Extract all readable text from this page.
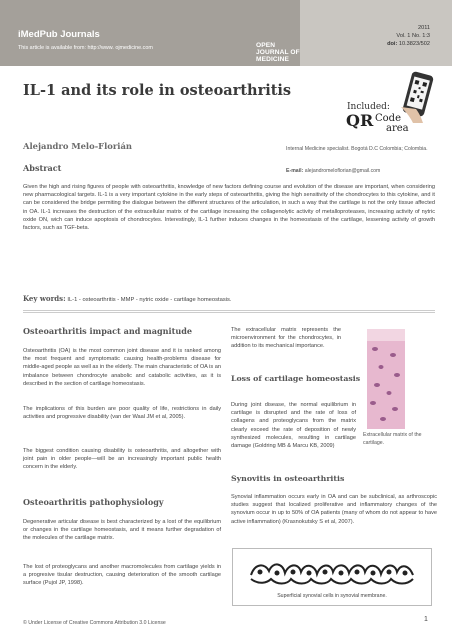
iMedPub Journals
This article is available from: http://www. ojmedicine.com	OPEN JOURNAL OF MEDICINE
2011
Vol. 1 No. 1:3
doi: 10.3823/502
IL-1 and its role in osteoarthritis
Included:
QR Code
area
Alejandro Melo-Florián	Internal Medicine specialist. Bogotá D.C Colombia; Colombia.
E-mail: alejandromeloflorian@gmail.com
Abstract
Given the high and rising figures of people with osteoarthritis, knowledge of new factors defining course and evolution of the disease are important, when considering new pharmacological targets. IL-1 is a very important cytokine in the early steps of osteoarthritis, giving the high sensitivity of the chondrocytes to this cytokine, and it can be considered the bridge permiting the dialogue between the different structures of the articulation, in such a way that the cartilage is not the only tissue affected in OA. IL-1 increases the destruction of the extracellular matrix of the cartilage increasing the collagenolytic activity of metalloproteases, increasing activity of nytric oxide ON, wich can induce apoptosis of chondrocytes. Interestingly, IL-1 further induces changes in the homeostasis of the cartilage, lessening activity of growth factors, such as TGF-beta.
Key words: IL-1 - osteoarthritis - MMP - nytric oxide - cartilage homeostasis.
Osteoarthritis impact and magnitude
Osteoarthritis (OA) is the most common joint disease and it is ranked among the most frequent and symptomatic causing health-problems disease for middle-aged people as well as in the elderly. The main characteristic of OA is an imbalance between chondrocyte anabolic and catabolic activities, as it is described in the section of cartilage homeostasis.
The implications of this burden are poor quality of life, restrictions in daily activities and progressive disability (van der Waal JM et al, 2005).
The biggest condition causing disability is osteoarthritis, and altogether with joint pain in older people—will be an increasingly important public health concern in the elderly.
Osteoarthritis pathophysiology
Degenerative articular disease is best characterized by a lost of the equilibrium or changes in the cartilage homeostasis, and it means further degradation of the molecules of the cartilage matrix.
The lost of proteoglycans and another macromolecules from cartilage yields in a progresive tisular destruction, causing deterioration of the smooth cartilage surface (Pujol JP, 1998).
The extracellular matrix represents the microenvironment for the chondrocytes, in addition to its mechanical importance.
Loss of cartilage homeostasis
During joint disease, the normal equilibrium in cartilage is disrupted and the rate of loss of collagens and proteoglycans from the matrix clearly exceed the rate of deposition of newly synthesized molecules, resulting in cartilage damage (Goldring MB & Marcu KB, 2009)
Extracellular matrix of the cartilage.
Synovitis in osteoarthritis
Synovial inflammation occurs early in OA and can be subclinical, as arthroscopic studies suggest that localized proliferative and inflammatory changes of the synovium occur in up to 50% of OA patients (many of whom do not appear to have active inflammation) (Krasnokutsky S et al, 2007).
Superficial synovial cells in synovial membrane.
© Under License of Creative Commons Attribution 3.0 License	1
